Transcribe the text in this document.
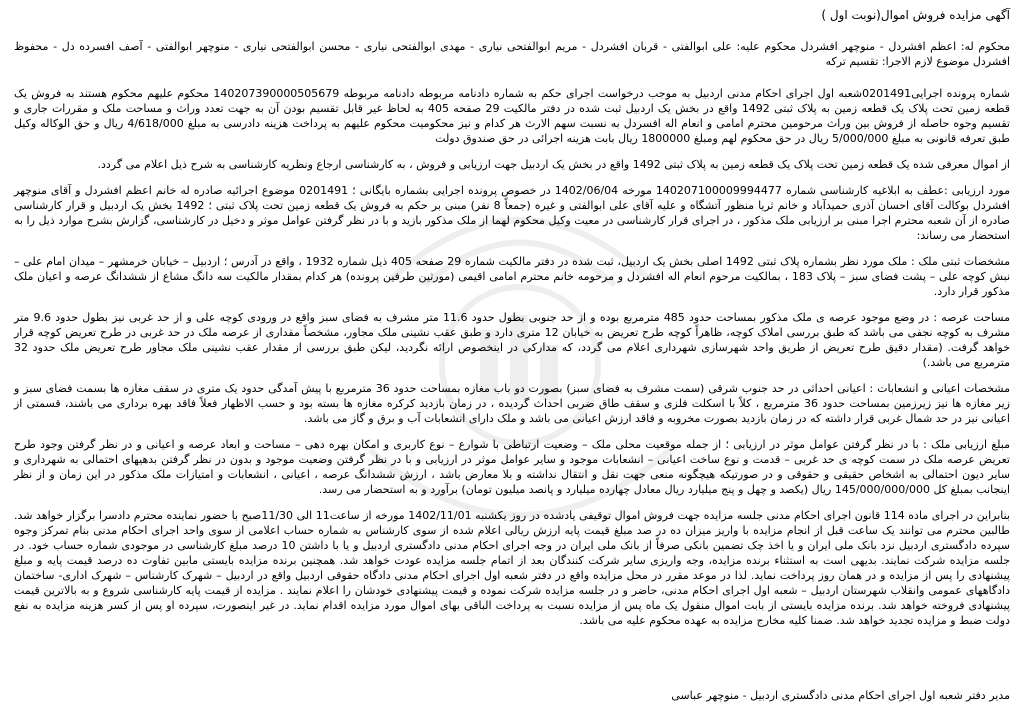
آگهی مزایده فروش اموال(نوبت اول )

محکوم له: اعظم افشردل - منوچهر افشردل محکوم علیه: علی ابوالفتی - قربان افشردل - مریم ابوالفتحی نیاری - مهدی ابوالفتحی نیاری - محسن ابوالفتحی نیاری - منوچهر ابوالفتی - آصف افسرده دل - محفوظ افشردل موضوع لازم الاجرا: تقسیم ترکه

شماره پرونده اجرایی0201491شعبه اول اجرای احکام مدنی اردبیل به موجب درخواست اجرای حکم به شماره دادنامه مربوطه دادنامه مربوطه 140207390000505679 محکوم علیهم محکوم هستند به فروش یک قطعه زمین تحت پلاک یک قطعه زمین به پلاک ثبتی 1492 واقع در بخش یک اردبیل ثبت شده در دفتر مالکیت 29 صفحه 405 به لحاظ غیر قابل تقسیم بودن آن به جهت تعدد وراث و مساحت ملک و مقررات جاری و تقسیم وجوه حاصله از فروش بین وراث مرحومین محترم امامی و انعام اله افسردل به نسبت سهم الارث هر کدام و نیز محکومیت محکوم علیهم به پرداخت هزینه دادرسی به مبلغ 4/618/000 ریال و حق الوکاله وکیل طبق تعرفه قانونی به مبلغ 5/000/000 ریال در حق محکوم لهم ومبلغ 1800000 ریال بابت هزینه اجرائی در حق صندوق دولت

از اموال معرفی شده یک قطعه زمین تحت پلاک یک قطعه زمین به پلاک ثبتی 1492 واقع در بخش یک اردبیل جهت ارزیابی و فروش ، به کارشناسی ارجاع ونظریه کارشناسی به شرح ذیل اعلام می گردد.

مورد ارزیابی :عطف به ابلاغیه کارشناسی شماره 140207100009994477 مورخه 1402/06/04 در خصوص پرونده اجرایی بشماره بایگانی ؛ 0201491 موضوع اجرائیه صادره له خانم اعظم افشردل و آقای منوچهر افشردل بوکالت آقای احسان آذری حمیدآباد و خانم ثریا منظور آتشگاه و علیه آقای علی ابوالفتی و غیره (جمعاً 8 نفر) مبنی بر حکم به فروش یک قطعه زمین تحت پلاک ثبتی ؛ 1492 بخش یک اردبیل و قرار کارشناسی صادره از آن شعبه محترم اجرا مبنی بر ارزیابی ملک مذکور ، در اجرای قرار کارشناسی در معیت وکیل محکوم لهما از ملک مذکور بازید و با در نظر گرفتن عوامل موثر و دخیل در کارشناسی، گزارش بشرح موارد ذیل را به استحضار می رساند:

مشخصات ثبتی ملک : ملک مورد نظر بشماره پلاک ثبتی 1492 اصلی بخش یک اردبیل، ثبت شده در دفتر مالکیت شماره 29 صفحه 405 ذیل شماره 1932 ، واقع در آدرس ؛ اردبیل – خیابان خرمشهر – میدان امام علی – نبش کوچه علی – پشت فضای سبز – پلاک 183 ، بمالکیت مرحوم انعام اله افشردل و مرحومه خانم محترم امامی اقیمی (مورثین طرفین پرونده) هر کدام بمقدار مالکیت سه دانگ مشاع از ششدانگ عرصه و اعیان ملک مذکور قرار دارد.

مساحت عرصه : در وضع موجود عرصه ی ملک مذکور بمساحت حدود 485 مترمربع بوده و از حد جنوبی بطول حدود 11.6 متر مشرف به فضای سبز واقع در ورودی کوچه علی و از حد غربی نیز بطول حدود 9.6 متر مشرف به کوچه نجفی می باشد که طبق بررسی املاک کوچه، ظاهراً کوچه طرح تعریض به خیابان 12 متری دارد و طبق عقب نشینی ملک مجاور، مشخصاً مقداری از عرصه ملک در حد غربی در طرح تعریض کوچه قرار خواهد گرفت. (مقدار دقیق طرح تعریض از طریق واحد شهرسازی شهرداری اعلام می گردد، که مدارکی در اینخصوص ارائه نگردید، لیکن طبق بررسی از مقدار عقب نشینی ملک مجاور طرح تعریض ملک حدود 32 مترمربع می باشد.)

مشخصات اعیانی و انشعابات : اعیانی احداثی در حد جنوب شرقی (سمت مشرف به فضای سبز) بصورت دو باب مغازه بمساحت حدود 36 مترمربع با پیش آمدگی حدود یک متری در سقف مغازه ها بسمت فضای سبز و زیر مغازه ها نیز زیرزمین بمساحت حدود 36 مترمربع ، کلاً با اسکلت فلزی و سقف طاق ضربی احداث گردیده ، در زمان بازدید کرکره مغازه ها بسته بود و حسب الاظهار فعلاً فاقد بهره برداری می باشند، قسمتی از اعیانی نیز در حد شمال غربی قرار داشته که در زمان بازدید بصورت مخروبه و فاقد ارزش اعیانی می باشد و ملک دارای انشعابات آب و برق و گاز می باشد.

مبلغ ارزیابی ملک : با در نظر گرفتن عوامل موثر در ارزیابی ؛ از جمله موقعیت محلی ملک – وضعیت ارتباطی با شوارع – نوع کاربری و امکان بهره دهی – مساحت و ابعاد عرصه و اعیانی و در نظر گرفتن وجود طرح تعریض عرصه ملک در سمت کوچه ی حد غربی – قدمت و نوع ساخت اعیانی – انشعابات موجود و سایر عوامل موثر در ارزیابی و با در نظر گرفتن وضعیت موجود و بدون در نظر گرفتن بدهیهای احتمالی به شهرداری و سایر دیون احتمالی به اشخاص حقیقی و حقوقی و در صورتیکه هیچگونه منعی جهت نقل و انتقال نداشته و بلا معارض باشد ، ارزش ششدانگ عرصه ، اعیانی ، انشعابات و امتیازات ملک مذکور در این زمان و از نظر اینجانب بمبلغ کل 145/000/000/000 ریال (یکصد و چهل و پنج میلیارد ریال معادل چهارده میلیارد و پانصد میلیون تومان) برآورد و به استحضار می رسد.

بنابراین در اجرای ماده 114 قانون اجرای احکام مدنی جلسه مزایده جهت فروش اموال توقیفی یادشده در روز یکشنبه 1402/11/01 مورخه از ساعت11 الی 11/30صبح با حضور نماینده محترم دادسرا برگزار خواهد شد. طالبین محترم می توانند یک ساعت قبل از انجام مزایده با واریز میزان ده در صد مبلغ قیمت پایه ارزش ریالی اعلام شده از سوی کارشناس به شماره حساب اعلامی از سوی واحد اجرای احکام مدنی بنام تمرکز وجوه سپرده دادگستری اردبیل نزد بانک ملی ایران و یا اخذ چک تضمین بانکی صرفاً از بانک ملی ایران در وجه اجرای احکام مدنی دادگستری اردبیل و یا با داشتن 10 درصد مبلغ کارشناسی در موجودی شماره حساب خود. در جلسه مزایده شرکت نمایند. بدیهی است به استثناء برنده مزایده، وجه واریزی سایر شرکت کنندگان بعد از اتمام جلسه مزایده عودت خواهد شد. همچنین برنده مزایده بایستی مابین تفاوت ده درصد قیمت پایه و مبلغ پیشنهادی را پس از مزایده و در همان روز پرداخت نماید. لذا در موعد مقرر در محل مزایده واقع در دفتر شعبه اول اجرای احکام مدنی دادگاه حقوقی اردبیل واقع در اردبیل – شهرک کارشناس – شهرک اداری- ساختمان دادگاههای عمومی وانقلاب شهرستان اردبیل – شعبه اول اجرای احکام مدنی، حاضر و در جلسه مزایده شرکت نموده و قیمت پیشنهادی خودشان را اعلام نمایند . مزایده از قیمت پایه کارشناسی شروع و به بالاترین قیمت پیشنهادی فروخته خواهد شد. برنده مزایده بایستی از بابت اموال منقول یک ماه پس از مزایده نسبت به پرداخت الباقی بهای اموال مورد مزایده اقدام نماید. در غیر اینصورت، سپرده او پس از کسر هزینه مزایده به نفع دولت ضبط و مزایده تجدید خواهد شد. ضمنا کلیه مخارج مزایده به عهده محکوم علیه می باشد.

مدیر دفتر شعبه اول اجرای احکام مدنی دادگستری اردبیل - منوچهر عباسی
